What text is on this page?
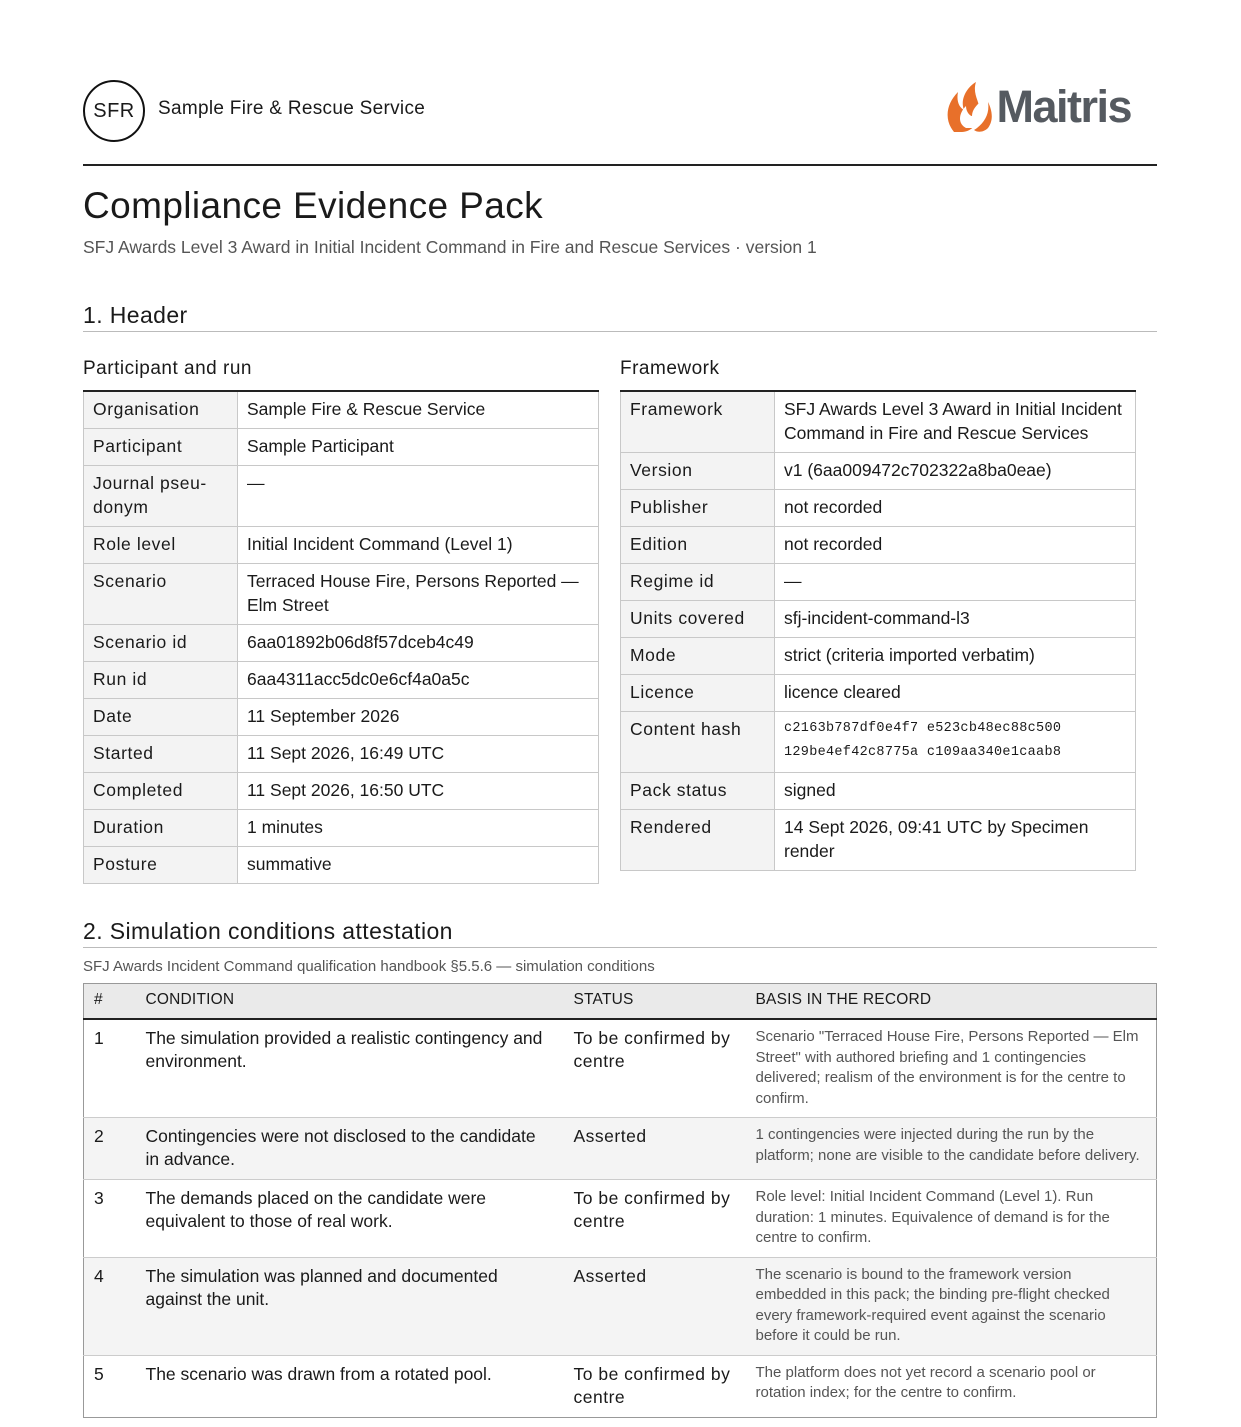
SFR	Sample Fire & Rescue Service	Maitris
Compliance Evidence Pack
SFJ Awards Level 3 Award in Initial Incident Command in Fire and Rescue Services · version 1
1. Header
Participant and run
Organisation	Sample Fire & Rescue Service
Participant	Sample Participant
Journal pseu-donym	—
Role level	Initial Incident Command (Level 1)
Scenario	Terraced House Fire, Persons Reported — Elm Street
Scenario id	6aa01892b06d8f57dceb4c49
Run id	6aa4311acc5dc0e6cf4a0a5c
Date	11 September 2026
Started	11 Sept 2026, 16:49 UTC
Completed	11 Sept 2026, 16:50 UTC
Duration	1 minutes
Posture	summative
Framework
Framework	SFJ Awards Level 3 Award in Initial Incident Command in Fire and Rescue Services
Version	v1 (6aa009472c702322a8ba0eae)
Publisher	not recorded
Edition	not recorded
Regime id	—
Units covered	sfj-incident-command-l3
Mode	strict (criteria imported verbatim)
Licence	licence cleared
Content hash	c2163b787df0e4f7 e523cb48ec88c500 129be4ef42c8775a c109aa340e1caab8
Pack status	signed
Rendered	14 Sept 2026, 09:41 UTC by Specimen render
2. Simulation conditions attestation
SFJ Awards Incident Command qualification handbook §5.5.6 — simulation conditions
#	CONDITION	STATUS	BASIS IN THE RECORD
1	The simulation provided a realistic contingency and environment.	To be confirmed by centre	Scenario "Terraced House Fire, Persons Reported — Elm Street" with authored briefing and 1 contingencies delivered; realism of the environment is for the centre to confirm.
2	Contingencies were not disclosed to the candidate in advance.	Asserted	1 contingencies were injected during the run by the platform; none are visible to the candidate before delivery.
3	The demands placed on the candidate were equivalent to those of real work.	To be confirmed by centre	Role level: Initial Incident Command (Level 1). Run duration: 1 minutes. Equivalence of demand is for the centre to confirm.
4	The simulation was planned and documented against the unit.	Asserted	The scenario is bound to the framework version embedded in this pack; the binding pre-flight checked every framework-required event against the scenario before it could be run.
5	The scenario was drawn from a rotated pool.	To be confirmed by centre	The platform does not yet record a scenario pool or rotation index; for the centre to confirm.
